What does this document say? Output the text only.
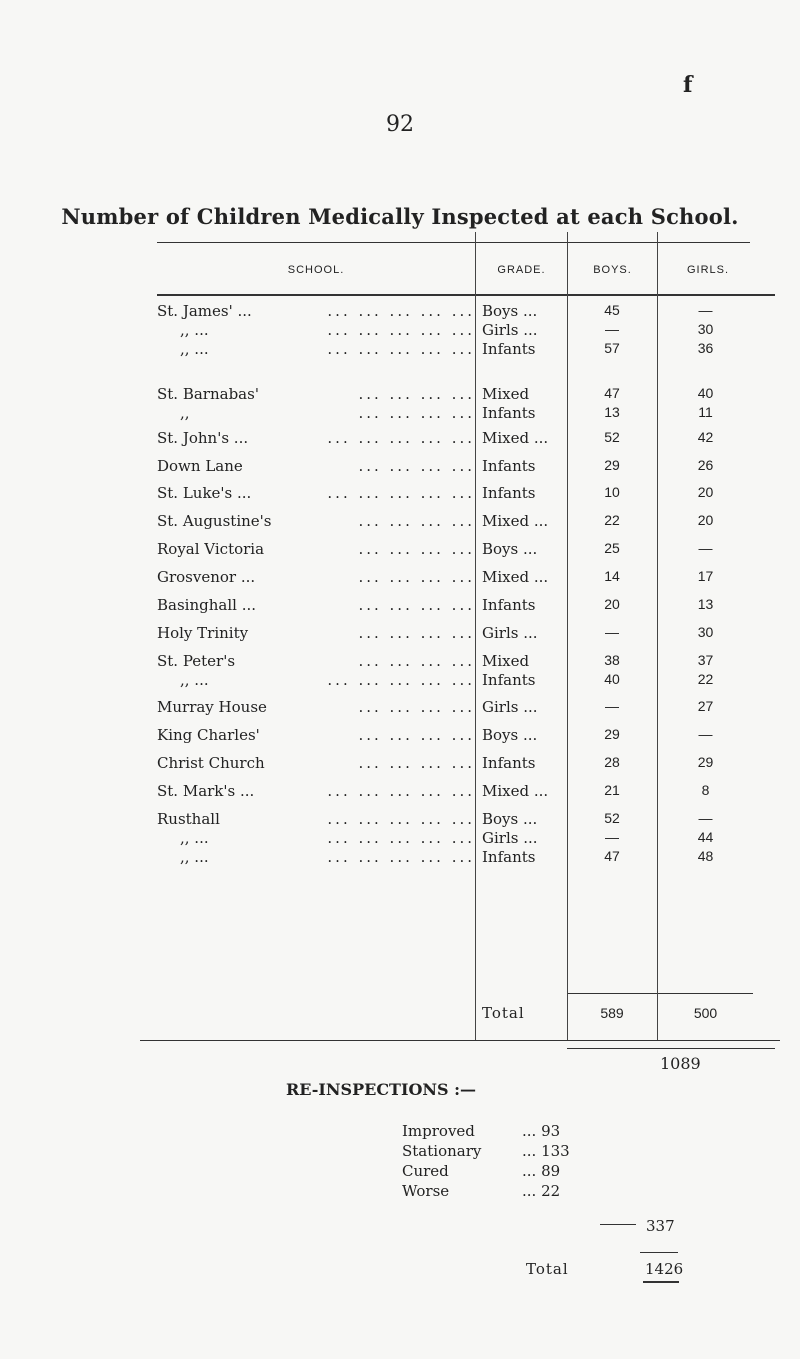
f
92
Number of Children Medically Inspected at each School.
SCHOOL.	GRADE.	BOYS.	GIRLS.
St. James' ...	... ... ... ... ... Boys ...	45	—
,, ...	... ... ... ... ... Girls ...	—	30
,, ...	... ... ... ... ... Infants	57	36
St. Barnabas'	... ... ... ... Mixed	47	40
,,	... ... ... ... Infants	13	11
St. John's ...	... ... ... ... ... Mixed ...	52	42
Down Lane	... ... ... ... Infants	29	26
St. Luke's ...	... ... ... ... ... Infants	10	20
St. Augustine's	... ... ... ... Mixed ...	22	20
Royal Victoria	... ... ... ... Boys ...	25	—
Grosvenor ...	... ... ... ... Mixed ...	14	17
Basinghall ...	... ... ... ... Infants	20	13
Holy Trinity	... ... ... ... Girls ...	—	30
St. Peter's	... ... ... ... Mixed	38	37
,, ...	... ... ... ... ... Infants	40	22
Murray House	... ... ... ... Girls ...	—	27
King Charles'	... ... ... ... Boys ...	29	—
Christ Church	... ... ... ... Infants	28	29
St. Mark's ...	... ... ... ... ... Mixed ...	21	8
Rusthall	... ... ... ... ... Boys ...	52	—
,, ...	... ... ... ... ... Girls ...	—	44
,, ...	... ... ... ... ... Infants	47	48
Total	589	500
1089
RE-INSPECTIONS :—
Improved	... 93
Stationary	... 133
Cured	... 89
Worse	... 22
337
Total	1426
